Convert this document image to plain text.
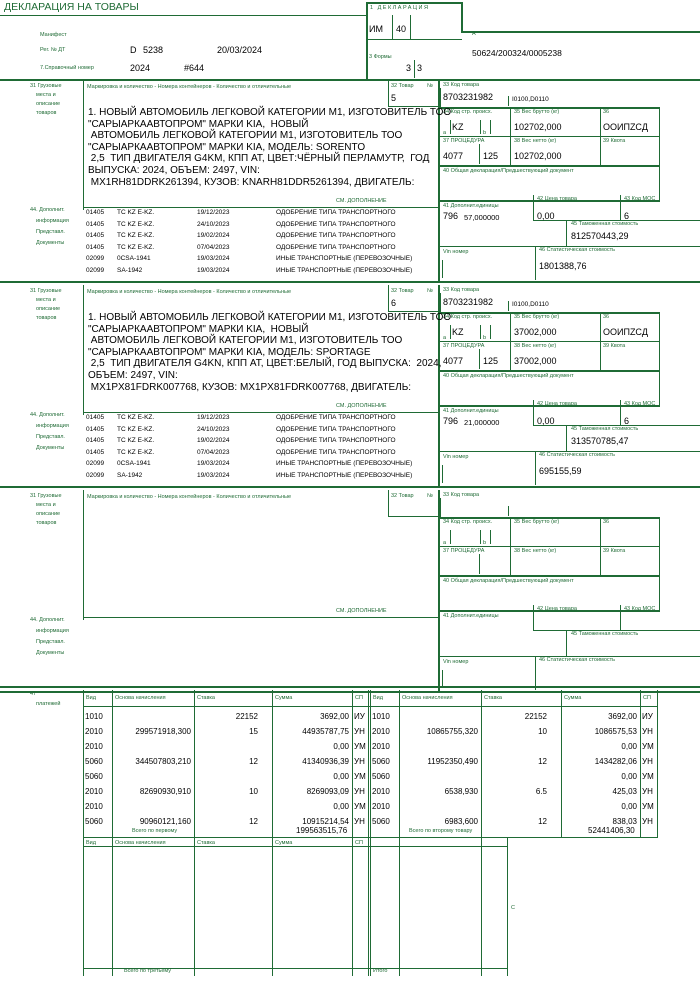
ДЕКЛАРАЦИЯ НА ТОВАРЫ	1 ДЕКЛАРАЦИЯ
ИМ 40	А
50624/200324/0005238
Манифест
Рег. № ДТ	D 5238	20/03/2024
7.Справочный номер	2024	#644
3 Формы
3 3
31 Грузовые
места и
описание
товаров
Маркировка и количество - Номера контейнеров - Количество и отличительные	32 Товар № 33 Код товара
34 Код стр. происх.	35 Вес брутто (кг)	36
а	b
37 ПРОЦЕДУРА	38 Вес нетто (кг)	39 Квота
40 Общая декларация/Предшествующий документ
СМ. ДОПОЛНЕНИЕ
41 Дополнит.единицы
42 Цена товара	43 Код МОС
44. Дополнит.
информация
Представл.
Документы
45 Таможенная стоимость
Vin номер	46 Статистическая стоимость
5	8703231982	I0100,D0110
KZ	102702,000	ООИПZCД
4077 125 102702,000
1. НОВЫЙ АВТОМОБИЛЬ ЛЕГКОВОЙ КАТЕГОРИИ М1, ИЗГОТОВИТЕЛЬ ТОО
"САРЫАРКААВТОПРОМ" МАРКИ KIA,  НОВЫЙ
АВТОМОБИЛЬ ЛЕГКОВОЙ КАТЕГОРИИ М1, ИЗГОТОВИТЕЛЬ ТОО
"САРЫАРКААВТОПРОМ" МАРКИ KIA, МОДЕЛЬ: SORENTO
2,5  ТИП ДВИГАТЕЛЯ G4KM, КПП АТ, ЦВЕТ:ЧЁРНЫЙ ПЕРЛАМУТР,  ГОД
ВЫПУСКА: 2024, ОБЪЕМ: 2497, VIN:
MX1RH81DDRK261394, КУЗОВ: KNARH81DDR5261394, ДВИГАТЕЛЬ:
796 57,000000	0,00	6
812570443,29
1801388,76
01405 TC KZ E-KZ.	19/12/2023	ОДОБРЕНИЕ ТИПА ТРАНСПОРТНОГО
01405 TC KZ E-KZ.	24/10/2023	ОДОБРЕНИЕ ТИПА ТРАНСПОРТНОГО
01405 TC KZ E-KZ.	19/02/2024	ОДОБРЕНИЕ ТИПА ТРАНСПОРТНОГО
01405 TC KZ E-KZ.	07/04/2023	ОДОБРЕНИЕ ТИПА ТРАНСПОРТНОГО
02099 0CSA-1941	19/03/2024	ИНЫЕ ТРАНСПОРТНЫЕ (ПЕРЕВОЗОЧНЫЕ)
02099 SA-1942	19/03/2024	ИНЫЕ ТРАНСПОРТНЫЕ (ПЕРЕВОЗОЧНЫЕ)
31 Грузовые
места и
описание
товаров
Маркировка и количество - Номера контейнеров - Количество и отличительные	32 Товар № 33 Код товара
34 Код стр. происх.	35 Вес брутто (кг)	36
а	b
37 ПРОЦЕДУРА	38 Вес нетто (кг)	39 Квота
40 Общая декларация/Предшествующий документ
СМ. ДОПОЛНЕНИЕ
41 Дополнит.единицы
42 Цена товара	43 Код МОС
44. Дополнит.
информация
Представл.
Документы
45 Таможенная стоимость
Vin номер	46 Статистическая стоимость
6	8703231982	I0100,D0110
KZ	37002,000	ООИПZCД
4077 125 37002,000
1. НОВЫЙ АВТОМОБИЛЬ ЛЕГКОВОЙ КАТЕГОРИИ М1, ИЗГОТОВИТЕЛЬ ТОО
"САРЫАРКААВТОПРОМ" МАРКИ KIA,  НОВЫЙ
АВТОМОБИЛЬ ЛЕГКОВОЙ КАТЕГОРИИ М1, ИЗГОТОВИТЕЛЬ ТОО
"САРЫАРКААВТОПРОМ" МАРКИ KIA, МОДЕЛЬ: SPORTAGE
2,5  ТИП ДВИГАТЕЛЯ G4KN, КПП АТ, ЦВЕТ:БЕЛЫЙ, ГОД ВЫПУСКА:  2024,
ОБЪЕМ: 2497, VIN:
MX1PX81FDRK007768, КУЗОВ: MX1PX81FDRK007768, ДВИГАТЕЛЬ:
796 21,000000	0,00	6
313570785,47
695155,59
01405 TC KZ E-KZ.	19/12/2023	ОДОБРЕНИЕ ТИПА ТРАНСПОРТНОГО
01405 TC KZ E-KZ.	24/10/2023	ОДОБРЕНИЕ ТИПА ТРАНСПОРТНОГО
01405 TC KZ E-KZ.	19/02/2024	ОДОБРЕНИЕ ТИПА ТРАНСПОРТНОГО
01405 TC KZ E-KZ.	07/04/2023	ОДОБРЕНИЕ ТИПА ТРАНСПОРТНОГО
02099 0CSA-1941	19/03/2024	ИНЫЕ ТРАНСПОРТНЫЕ (ПЕРЕВОЗОЧНЫЕ)
02099 SA-1942	19/03/2024	ИНЫЕ ТРАНСПОРТНЫЕ (ПЕРЕВОЗОЧНЫЕ)
31 Грузовые
места и
описание
товаров
Маркировка и количество - Номера контейнеров - Количество и отличительные	32 Товар № 33 Код товара
34 Код стр. происх.	35 Вес брутто (кг)	36
а	b
37 ПРОЦЕДУРА	38 Вес нетто (кг)	39 Квота
40 Общая декларация/Предшествующий документ
СМ. ДОПОЛНЕНИЕ
41 Дополнит.единицы
42 Цена товара	43 Код МОС
44. Дополнит.
информация
Представл.
Документы
45 Таможенная стоимость
Vin номер	46 Статистическая стоимость
47
платежей
Вид	Вид
Основа начисления	Основа начисления
Ставка	Ставка
Сумма	Сумма
СП	СП
1010	22152	3692,00 ИУ
2010	299571918,300	15	44935787,75 УН
2010	0,00 УМ
5060	344507803,210	12	41340936,39 УН
5060	0,00 УМ
2010	82690930,910	10	8269093,09 УН
2010	0,00 УМ
5060	90960121,160	12	10915214,54 УН
1010	22152	3692,00 ИУ
2010	10865755,320	10	1086575,53 УН
2010	0,00 УМ
5060	11952350,490	12	1434282,06 УН
5060	0,00 УМ
2010	6538,930	6.5	425,03 УН
2010	0,00 УМ
5060	6983,600	12	838,03 УН
Всего по первому	199563515,76	Всего по второму товару	52441406,30
Вид	Основа начисления	Ставка	Сумма	СП
С
Всего по третьему	Итого
